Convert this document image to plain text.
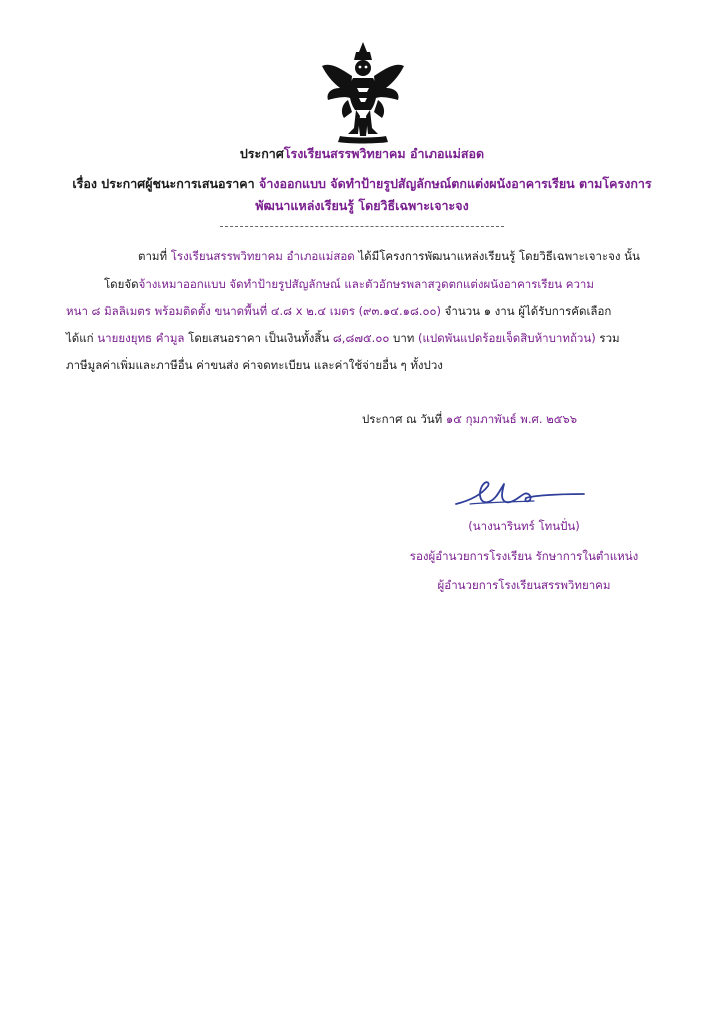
ประกาศโรงเรียนสรรพวิทยาคม อำเภอแม่สอด
เรื่อง ประกาศผู้ชนะการเสนอราคา จ้างออกแบบ จัดทำป้ายรูปสัญลักษณ์ตกแต่งผนังอาคารเรียน ตามโครงการ
พัฒนาแหล่งเรียนรู้ โดยวิธีเฉพาะเจาะจง
ตามที่ โรงเรียนสรรพวิทยาคม อำเภอแม่สอด ได้มีโครงการพัฒนาแหล่งเรียนรู้ โดยวิธีเฉพาะเจาะจง นั้น
โดยจัดจ้างเหมาออกแบบ จัดทำป้ายรูปสัญลักษณ์ และตัวอักษรพลาสวูดตกแต่งผนังอาคารเรียน ความ
หนา ๘ มิลลิเมตร พร้อมติดตั้ง ขนาดพื้นที่ ๔.๘ x ๒.๔ เมตร (๙๓.๑๔.๑๘.๐๐) จำนวน ๑ งาน ผู้ได้รับการคัดเลือก
ได้แก่ นายยงยุทธ คำมูล โดยเสนอราคา เป็นเงินทั้งสิ้น ๘,๘๗๕.๐๐ บาท (แปดพันแปดร้อยเจ็ดสิบห้าบาทถ้วน) รวม
ภาษีมูลค่าเพิ่มและภาษีอื่น ค่าขนส่ง ค่าจดทะเบียน และค่าใช้จ่ายอื่น ๆ ทั้งปวง
ประกาศ ณ วันที่ ๑๕ กุมภาพันธ์ พ.ศ. ๒๕๖๖
(นางนารินทร์ โทนปั่น)
รองผู้อำนวยการโรงเรียน รักษาการในตำแหน่ง
ผู้อำนวยการโรงเรียนสรรพวิทยาคม
